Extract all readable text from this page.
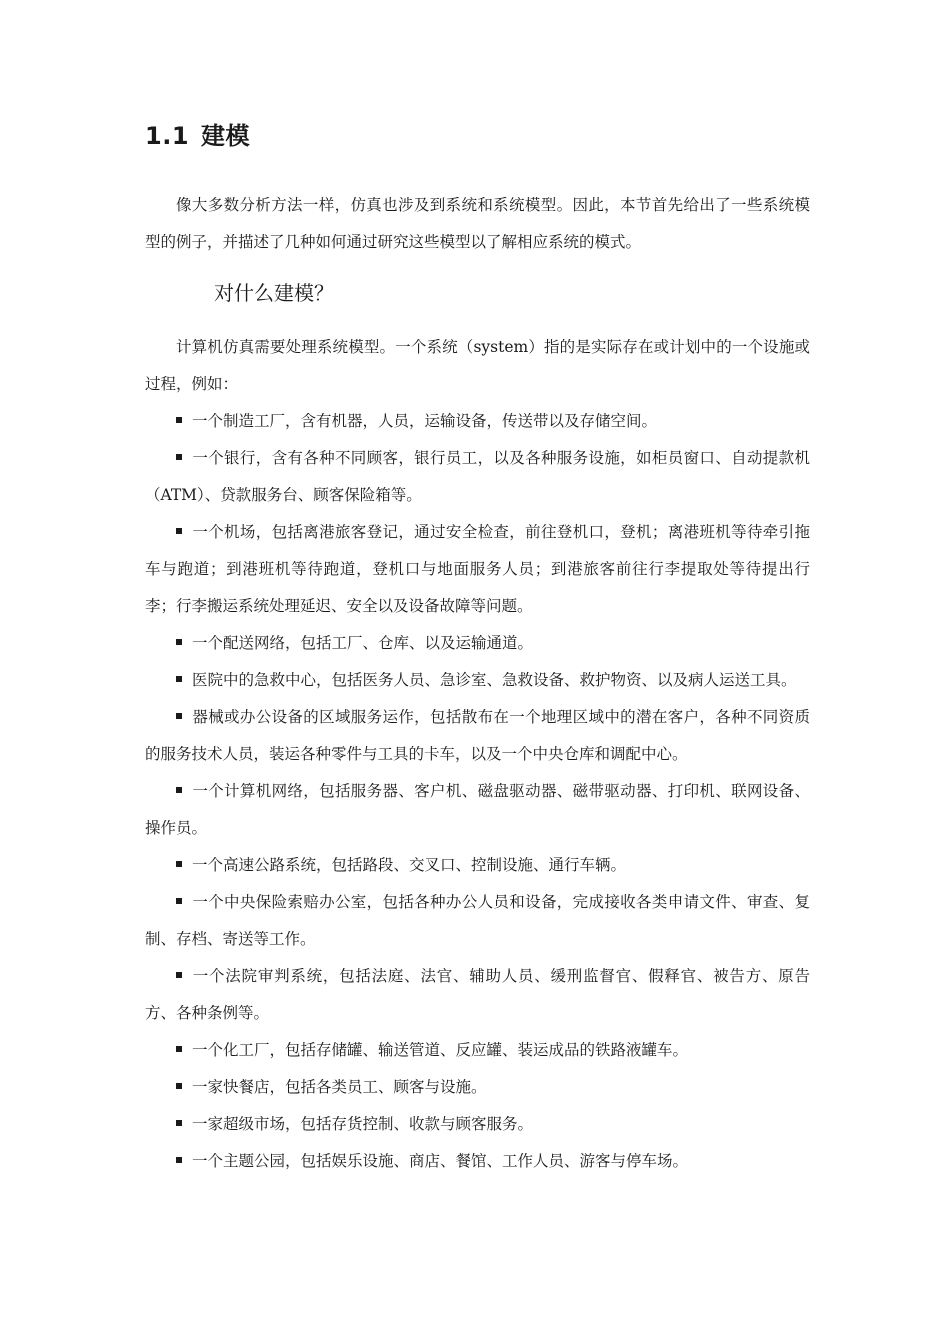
1.1 建模

像大多数分析方法一样，仿真也涉及到系统和系统模型。因此，本节首先给出了一些系统模型的例子，并描述了几种如何通过研究这些模型以了解相应系统的模式。

对什么建模？

计算机仿真需要处理系统模型。一个系统（system）指的是实际存在或计划中的一个设施或过程，例如：

一个制造工厂，含有机器，人员，运输设备，传送带以及存储空间。
一个银行，含有各种不同顾客，银行员工，以及各种服务设施，如柜员窗口、自动提款机（ATM）、贷款服务台、顾客保险箱等。
一个机场，包括离港旅客登记，通过安全检查，前往登机口，登机；离港班机等待牵引拖车与跑道；到港班机等待跑道，登机口与地面服务人员；到港旅客前往行李提取处等待提出行李；行李搬运系统处理延迟、安全以及设备故障等问题。
一个配送网络，包括工厂、仓库、以及运输通道。
医院中的急救中心，包括医务人员、急诊室、急救设备、救护物资、以及病人运送工具。
器械或办公设备的区域服务运作，包括散布在一个地理区域中的潜在客户，各种不同资质的服务技术人员，装运各种零件与工具的卡车，以及一个中央仓库和调配中心。
一个计算机网络，包括服务器、客户机、磁盘驱动器、磁带驱动器、打印机、联网设备、操作员。
一个高速公路系统，包括路段、交叉口、控制设施、通行车辆。
一个中央保险索赔办公室，包括各种办公人员和设备，完成接收各类申请文件、审查、复制、存档、寄送等工作。
一个法院审判系统，包括法庭、法官、辅助人员、缓刑监督官、假释官、被告方、原告方、各种条例等。
一个化工厂，包括存储罐、输送管道、反应罐、装运成品的铁路液罐车。
一家快餐店，包括各类员工、顾客与设施。
一家超级市场，包括存货控制、收款与顾客服务。
一个主题公园，包括娱乐设施、商店、餐馆、工作人员、游客与停车场。
